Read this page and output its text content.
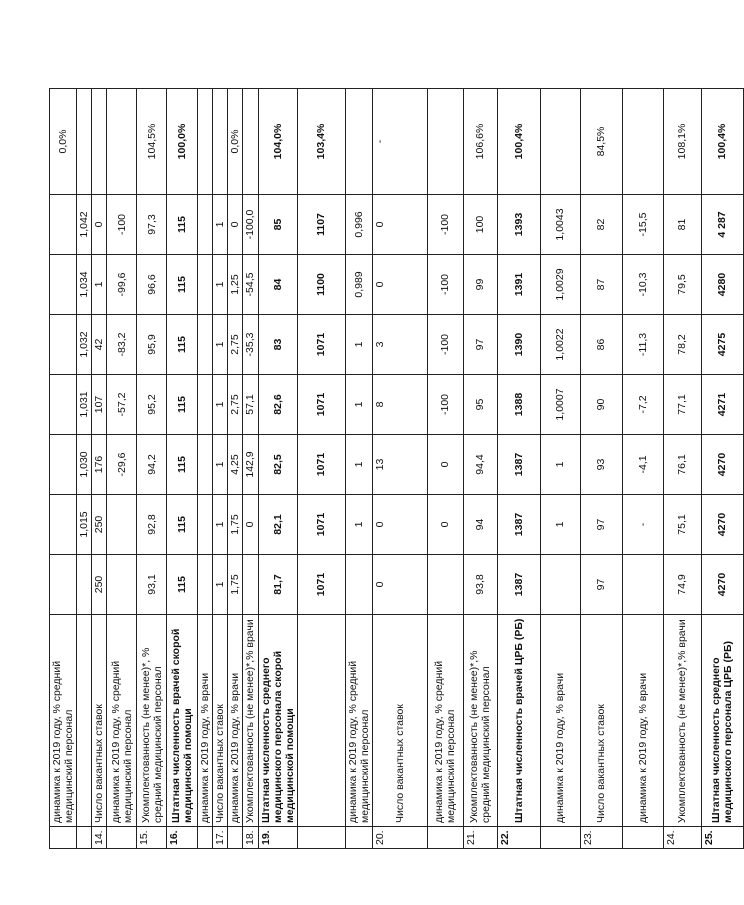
	динамика к 2019 году, % средний медицинский персонал								0,0%
			1,015	1,030	1,031	1,032	1,034	1,042	
14.	Число вакантных ставок	250	250	176	107	42	1	0	
	динамика к 2019 году, % средний медицинский персонал			-29,6	-57,2	-83,2	-99,6	-100	
15.	Укомплектованность (не менее)*, % средний медицинский персонал	93,1	92,8	94,2	95,2	95,9	96,6	97,3	104,5%
16.	Штатная численность врачей скорой медицинской помощи	115	115	115	115	115	115	115	100,0%
	динамика к 2019 году, % врачи								
17.	Число вакантных ставок	1	1	1	1	1	1	1	
	динамика к 2019 году, % врачи	1,75	1,75	4,25	2,75	2,75	1,25	0	0,0%
18.	Укомплектованность (не менее)*,% врачи		0	142,9	57,1	-35,3	-54,5	-100,0	
19.	Штатная численность среднего медицинского персонала скорой медицинской помощи	81,7	82,1	82,5	82,6	83	84	85	104,0%
		1071	1071	1071	1071	1071	1100	1107	103,4%
	динамика к 2019 году, % средний медицинский персонал		1	1	1	1	0,989	0,996	
20.	Число вакантных ставок	0	0	13	8	3	0	0	-
	динамика к 2019 году, % средний медицинский персонал		0	0	-100	-100	-100	-100	
21.	Укомплектованность (не менее)*,% средний медицинский персонал	93,8	94	94,4	95	97	99	100	106,6%
22.	Штатная численность врачей ЦРБ (РБ)	1387	1387	1387	1388	1390	1391	1393	100,4%
	динамика к 2019 году, % врачи		1	1	1,0007	1,0022	1,0029	1,0043	
23.	Число вакантных ставок	97	97	93	90	86	87	82	84,5%
	динамика к 2019 году, % врачи		-	-4,1	-7,2	-11,3	-10,3	-15,5	
24.	Укомплектованность (не менее)*,% врачи	74,9	75,1	76,1	77,1	78,2	79,5	81	108,1%
25.	Штатная численность среднего медицинского персонала ЦРБ (РБ)	4270	4270	4270	4271	4275	4280	4 287	100,4%
